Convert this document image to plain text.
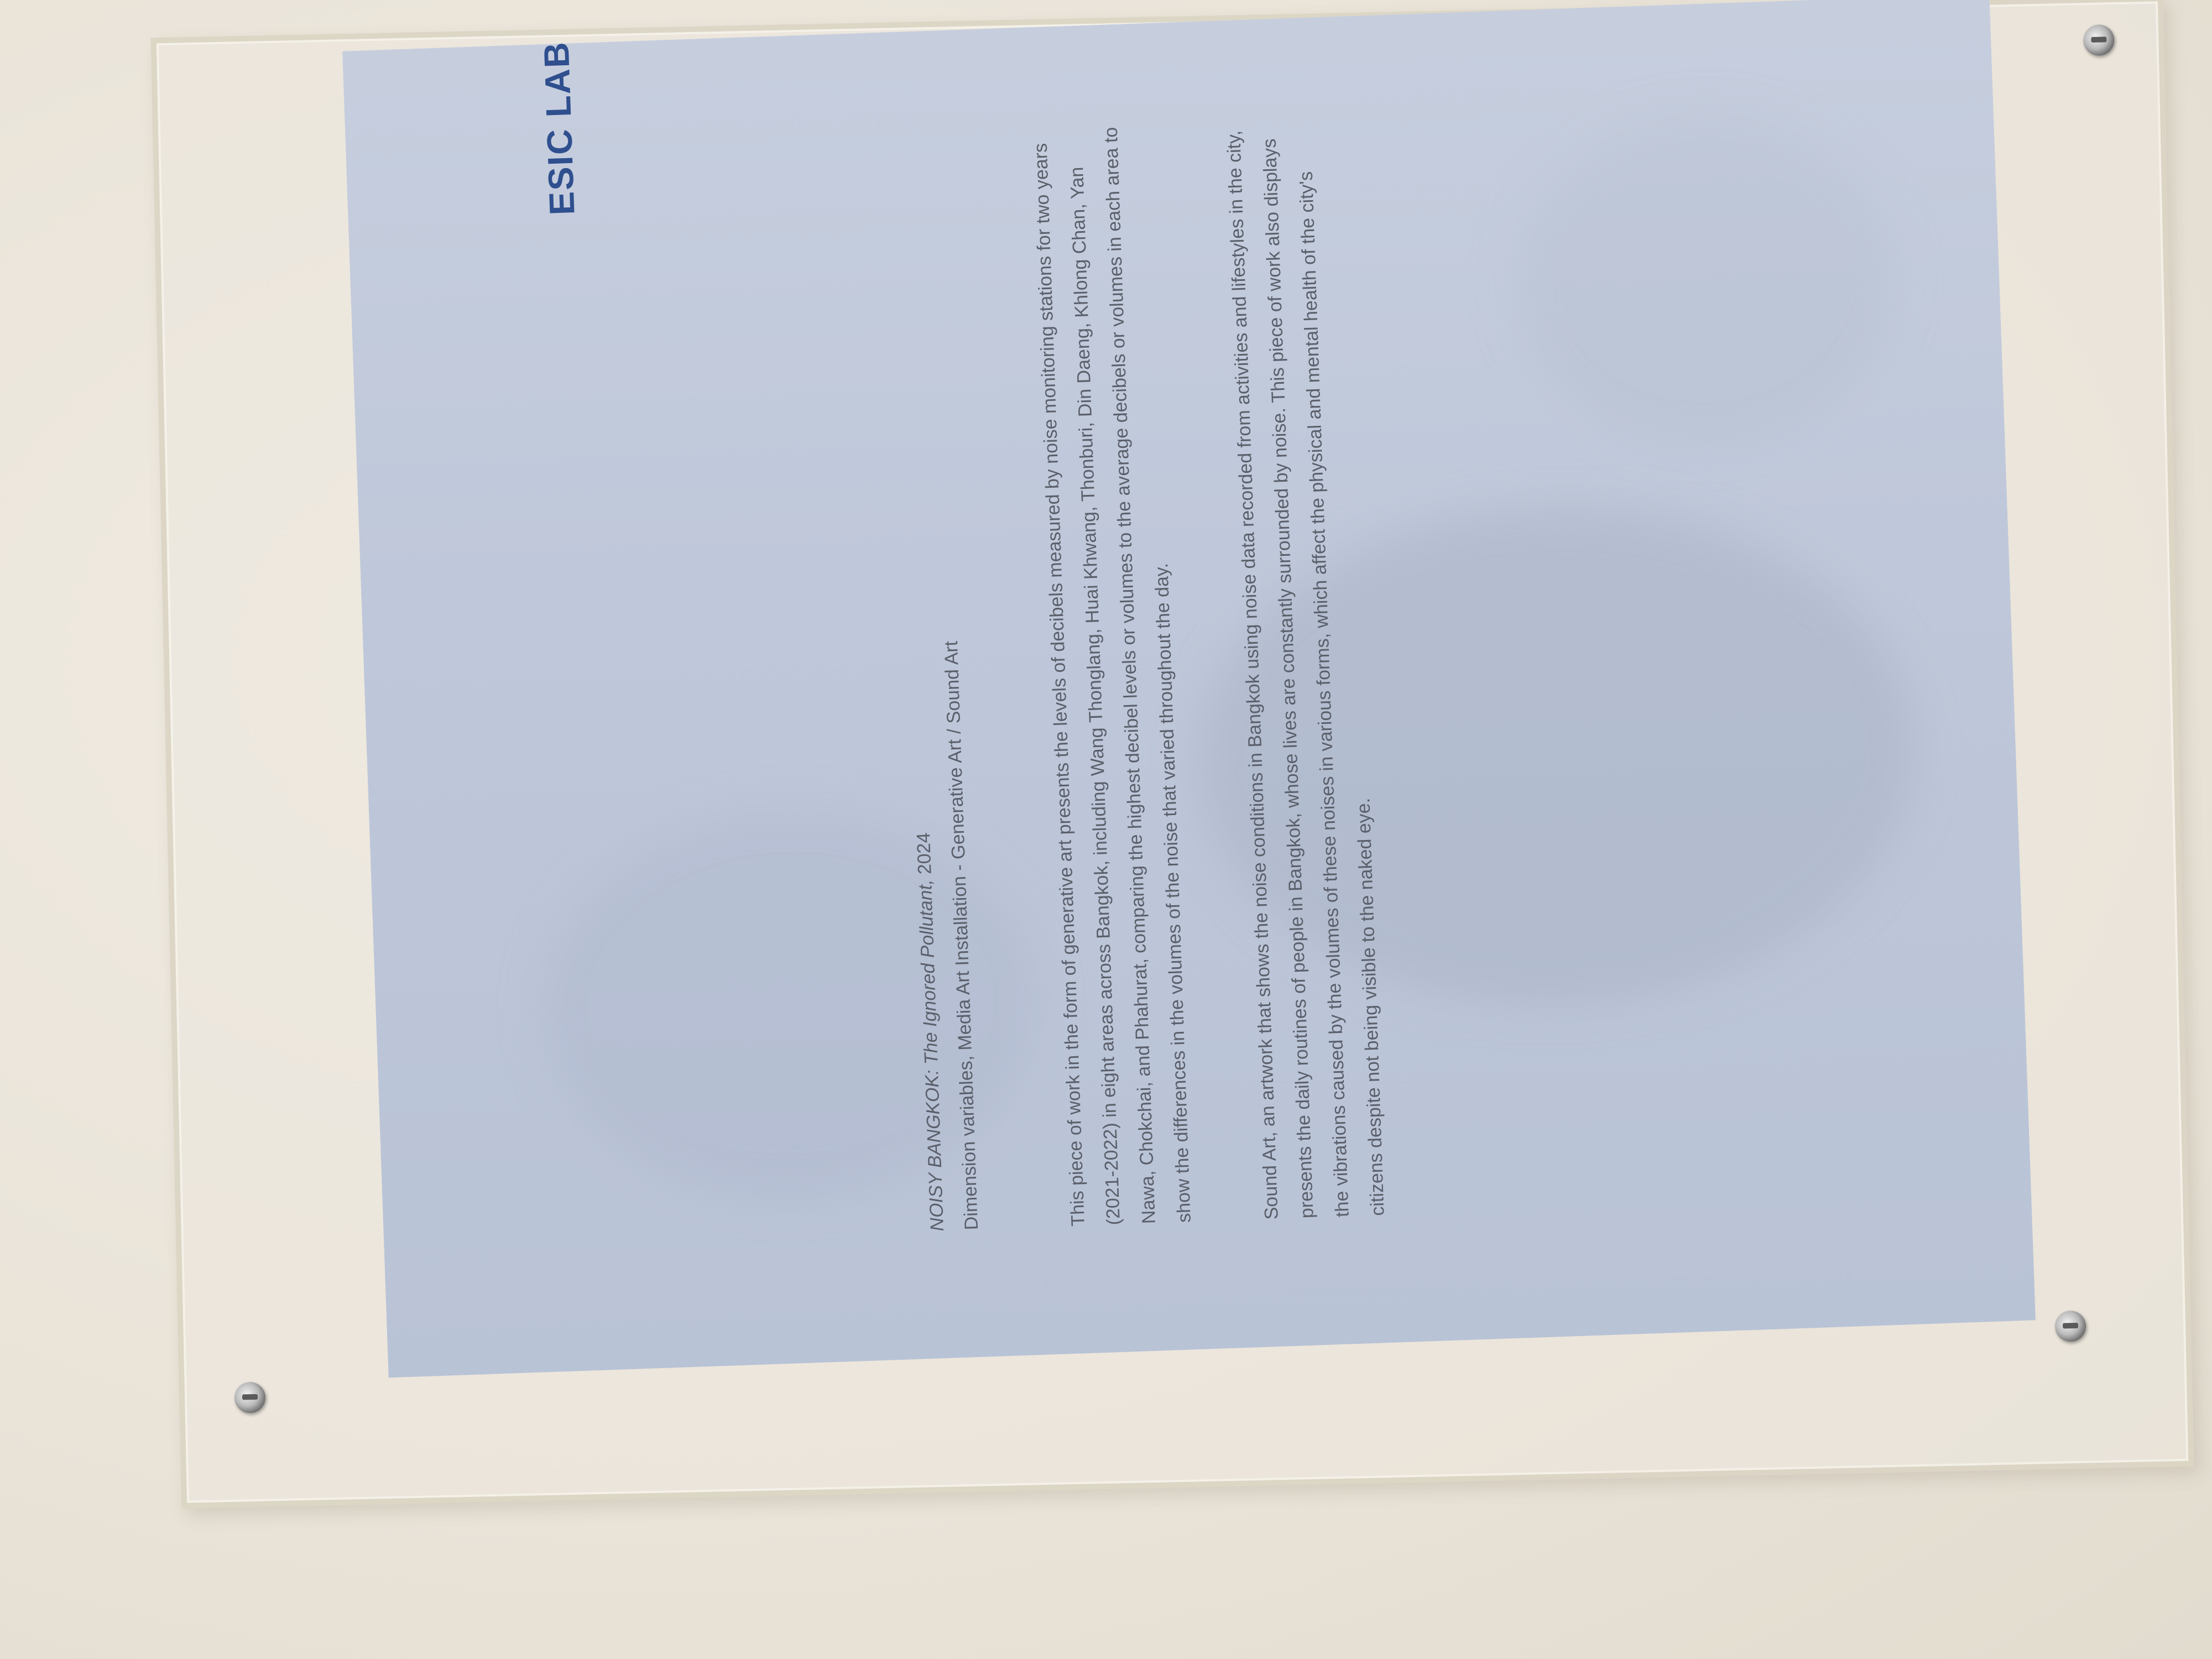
ESIC LAB
NOISY BANGKOK: The Ignored Pollutant, 2024 Dimension variables, Media Art Installation - Generative Art / Sound Art	This piece of work in the form of generative art presents the levels of decibels measured by noise monitoring stations for two years (2021-2022) in eight areas across Bangkok, including Wang Thonglang, Huai Khwang, Thonburi, Din Daeng, Khlong Chan, Yan Nawa, Chokchai, and Phahurat, comparing the highest decibel levels or volumes to the average decibels or volumes in each area to show the differences in the volumes of the noise that varied throughout the day.	Sound Art, an artwork that shows the noise conditions in Bangkok using noise data recorded from activities and lifestyles in the city, presents the daily routines of people in Bangkok, whose lives are constantly surrounded by noise. This piece of work also displays the vibrations caused by the volumes of these noises in various forms, which affect the physical and mental health of the city's citizens despite not being visible to the naked eye.
